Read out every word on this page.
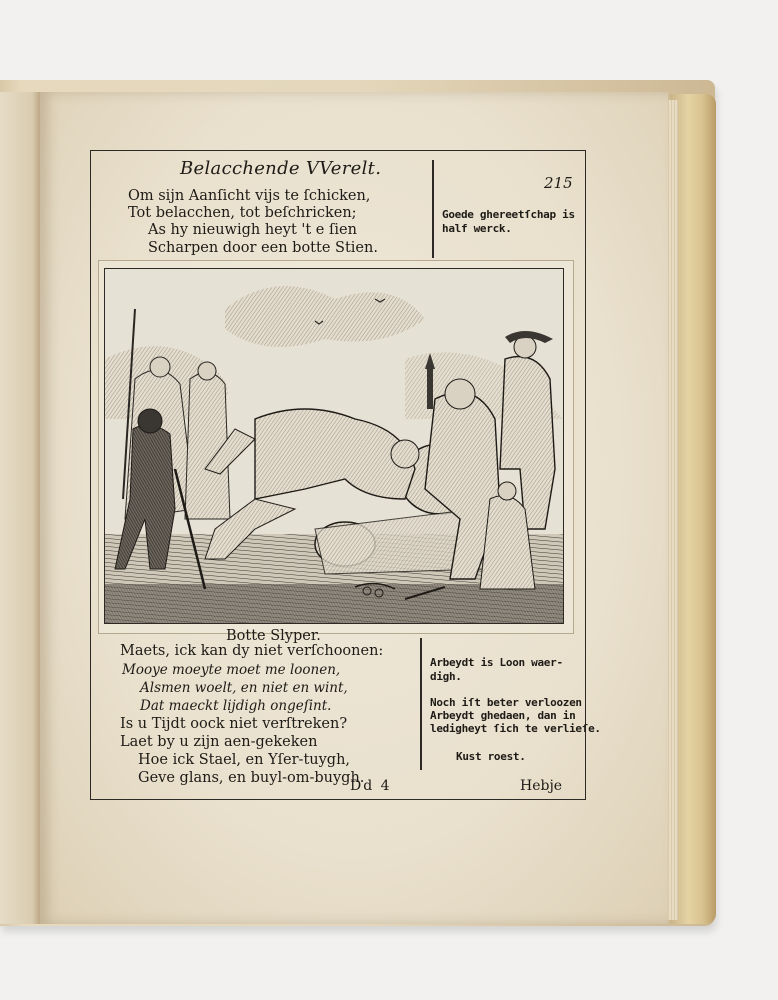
Belacchende VVerelt.
215
Om sijn Aanſicht vijs te ſchicken,
Tot belacchen, tot beſchricken;
As hy nieuwigh heyt 't e ſien
Scharpen door een botte Stien.
Goede ghereetſchap is
half werck.
Botte Slyper.
Maets, ick kan dy niet verſchoonen:
Mooye moeyte moet me loonen,
Alsmen woelt, en niet en wint,
Dat maeckt lijdigh ongeſint.
Is u Tijdt oock niet verſtreken?
Laet by u zijn aen-gekeken
Hoe ick Stael, en Yſer-tuygh,
Geve glans, en buyl-om-buygh.
Arbeydt is Loon waer-
digh.
Noch iſt beter verloozen
Arbeydt ghedaen, dan in
ledigheyt ſich te verlieſe.
Kust roest.
Dd 4	Hebje
